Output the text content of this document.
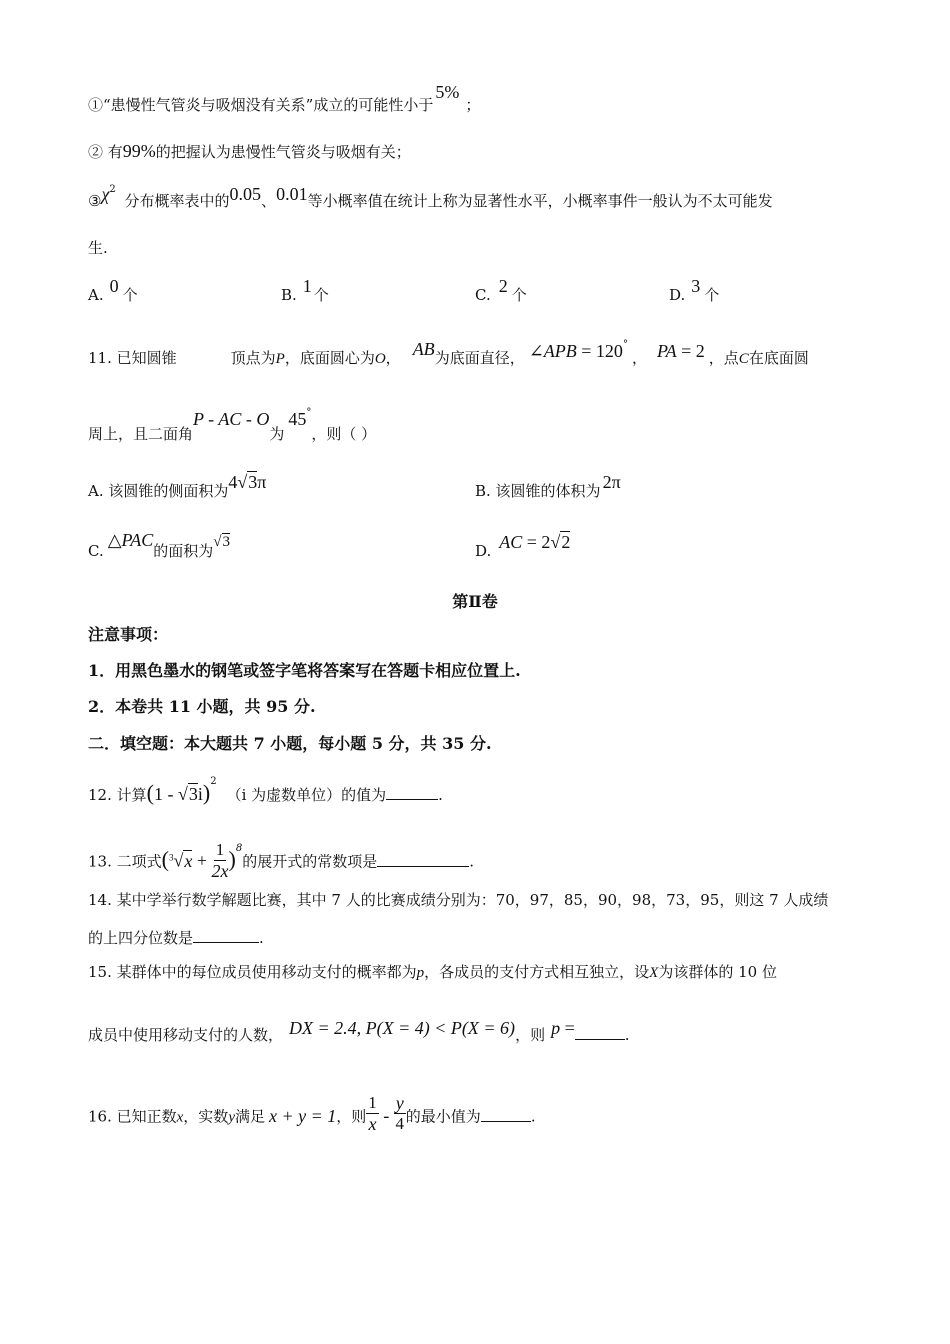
①“患慢性气管炎与吸烟没有关系”成立的可能性小于5%；
② 有99%的把握认为患慢性气管炎与吸烟有关；
$③\chi^2$ 分布概率表中的0.05、0.01等小概率值在统计上称为显著性水平，小概率事件一般认为不太可能发
生.
A. 0 个	B. 1 个	C. 2 个	D. 3 个
11. 已知圆锥	顶点为P，底面圆心为O， AB为底面直径， ∠APB = 120°， PA = 2 ，点C在底面圆
周上，且二面角P - AC - O为45°，则（ ）
A. 该圆锥的侧面积为4√3π	B. 该圆锥的体积为 2π
C.△PAC的面积为√3	D. AC = 2√2
第Ⅱ卷
注意事项：
1．用黑色墨水的钢笔或签字笔将答案写在答题卡相应位置上.
2．本卷共 11 小题，共 95 分.
二．填空题：本大题共 7 小题，每小题 5 分，共 35 分.
12. 计算(1 - √3i)$^2$（i 为虚数单位）的值为	.
13. 二项式$(^3√x + \frac{1}{2x} )^8$的展开式的常数项是	.
14. 某中学举行数学解题比赛，其中 7 人的比赛成绩分别为：70，97，85，90，98，73，95，则这 7 人成绩
的上四分位数是	.
15. 某群体中的每位成员使用移动支付的概率都为p，各成员的支付方式相互独立，设X为该群体的 10 位
成员中使用移动支付的人数， DX = 2.4, P(X = 4) < P(X = 6)，则 p =	.
16. 已知正数x，实数y满足 x + y = 1，则 $\frac{1}{x} - \frac{y}{4}$ 的最小值为	.
